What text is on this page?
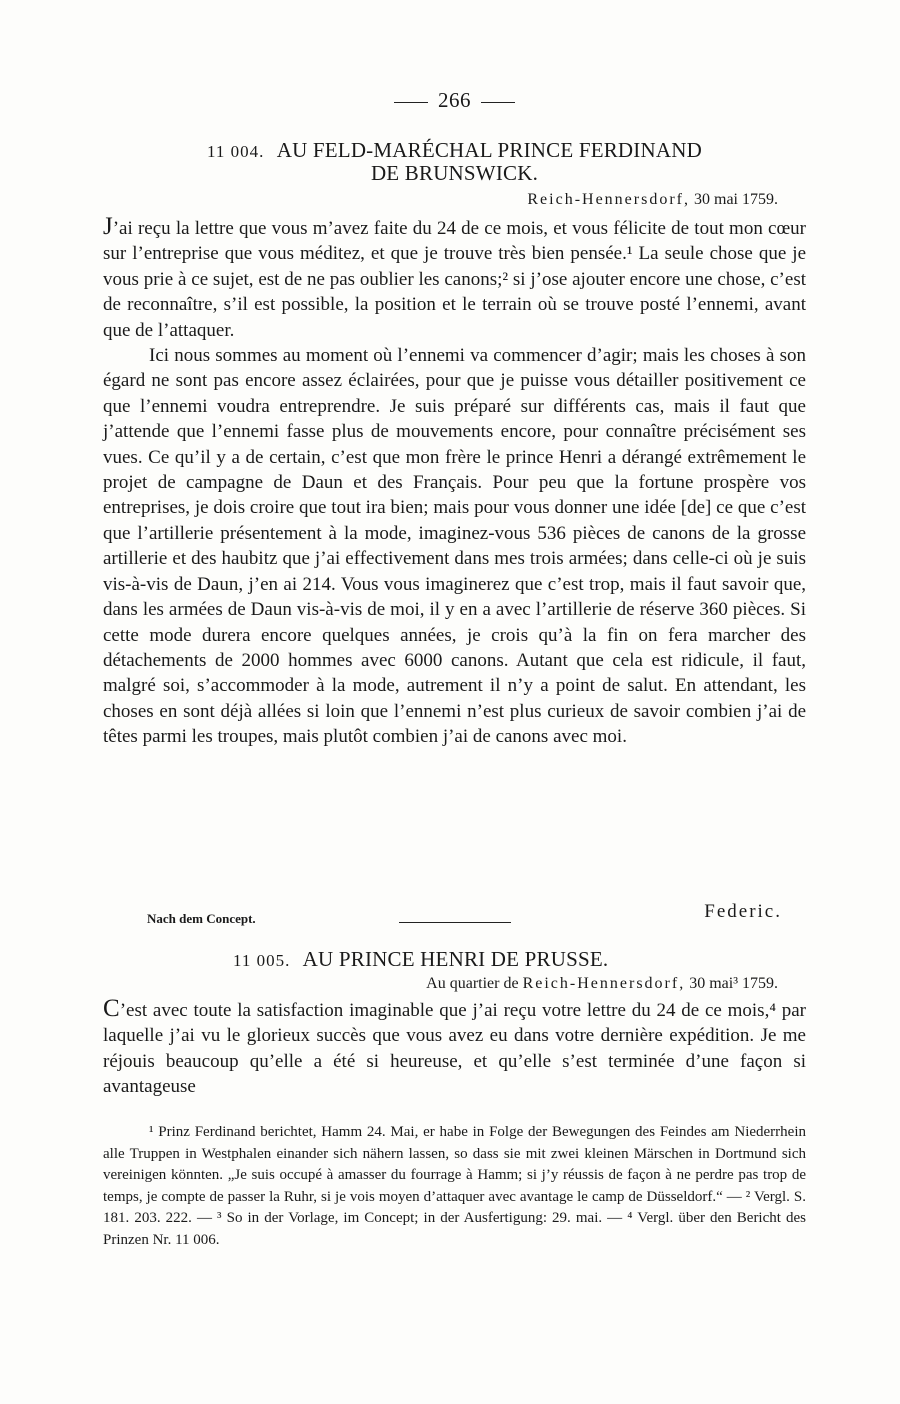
266
11 004. AU FELD-MARÉCHAL PRINCE FERDINAND
DE BRUNSWICK.
Reich-Hennersdorf, 30 mai 1759.

J’ai reçu la lettre que vous m’avez faite du 24 de ce mois, et vous félicite de tout mon cœur sur l’entreprise que vous méditez, et que je trouve très bien pensée.¹ La seule chose que je vous prie à ce sujet, est de ne pas oublier les canons;² si j’ose ajouter encore une chose, c’est de reconnaître, s’il est possible, la position et le terrain où se trouve posté l’ennemi, avant que de l’attaquer.

Ici nous sommes au moment où l’ennemi va commencer d’agir; mais les choses à son égard ne sont pas encore assez éclairées, pour que je puisse vous détailler positivement ce que l’ennemi voudra entreprendre. Je suis préparé sur différents cas, mais il faut que j’attende que l’ennemi fasse plus de mouvements encore, pour connaître précisément ses vues. Ce qu’il y a de certain, c’est que mon frère le prince Henri a dérangé extrêmement le projet de campagne de Daun et des Français. Pour peu que la fortune prospère vos entreprises, je dois croire que tout ira bien; mais pour vous donner une idée [de] ce que c’est que l’artillerie présentement à la mode, imaginez-vous 536 pièces de canons de la grosse artillerie et des haubitz que j’ai effectivement dans mes trois armées; dans celle-ci où je suis vis-à-vis de Daun, j’en ai 214. Vous vous imaginerez que c’est trop, mais il faut savoir que, dans les armées de Daun vis-à-vis de moi, il y en a avec l’artillerie de réserve 360 pièces. Si cette mode durera encore quelques années, je crois qu’à la fin on fera marcher des détachements de 2000 hommes avec 6000 canons. Autant que cela est ridicule, il faut, malgré soi, s’accommoder à la mode, autrement il n’y a point de salut. En attendant, les choses en sont déjà allées si loin que l’ennemi n’est plus curieux de savoir combien j’ai de têtes parmi les troupes, mais plutôt combien j’ai de canons avec moi.

Nach dem Concept.	Federic.
11 005. AU PRINCE HENRI DE PRUSSE.
Au quartier de Reich-Hennersdorf, 30 mai³ 1759.

C’est avec toute la satisfaction imaginable que j’ai reçu votre lettre du 24 de ce mois,⁴ par laquelle j’ai vu le glorieux succès que vous avez eu dans votre dernière expédition. Je me réjouis beaucoup qu’elle a été si heureuse, et qu’elle s’est terminée d’une façon si avantageuse

¹ Prinz Ferdinand berichtet, Hamm 24. Mai, er habe in Folge der Bewegungen des Feindes am Niederrhein alle Truppen in Westphalen einander sich nähern lassen, so dass sie mit zwei kleinen Märschen in Dortmund sich vereinigen könnten. „Je suis occupé à amasser du fourrage à Hamm; si j’y réussis de façon à ne perdre pas trop de temps, je compte de passer la Ruhr, si je vois moyen d’attaquer avec avantage le camp de Düsseldorf.“ — ² Vergl. S. 181. 203. 222. — ³ So in der Vorlage, im Concept; in der Ausfertigung: 29. mai. — ⁴ Vergl. über den Bericht des Prinzen Nr. 11 006.
